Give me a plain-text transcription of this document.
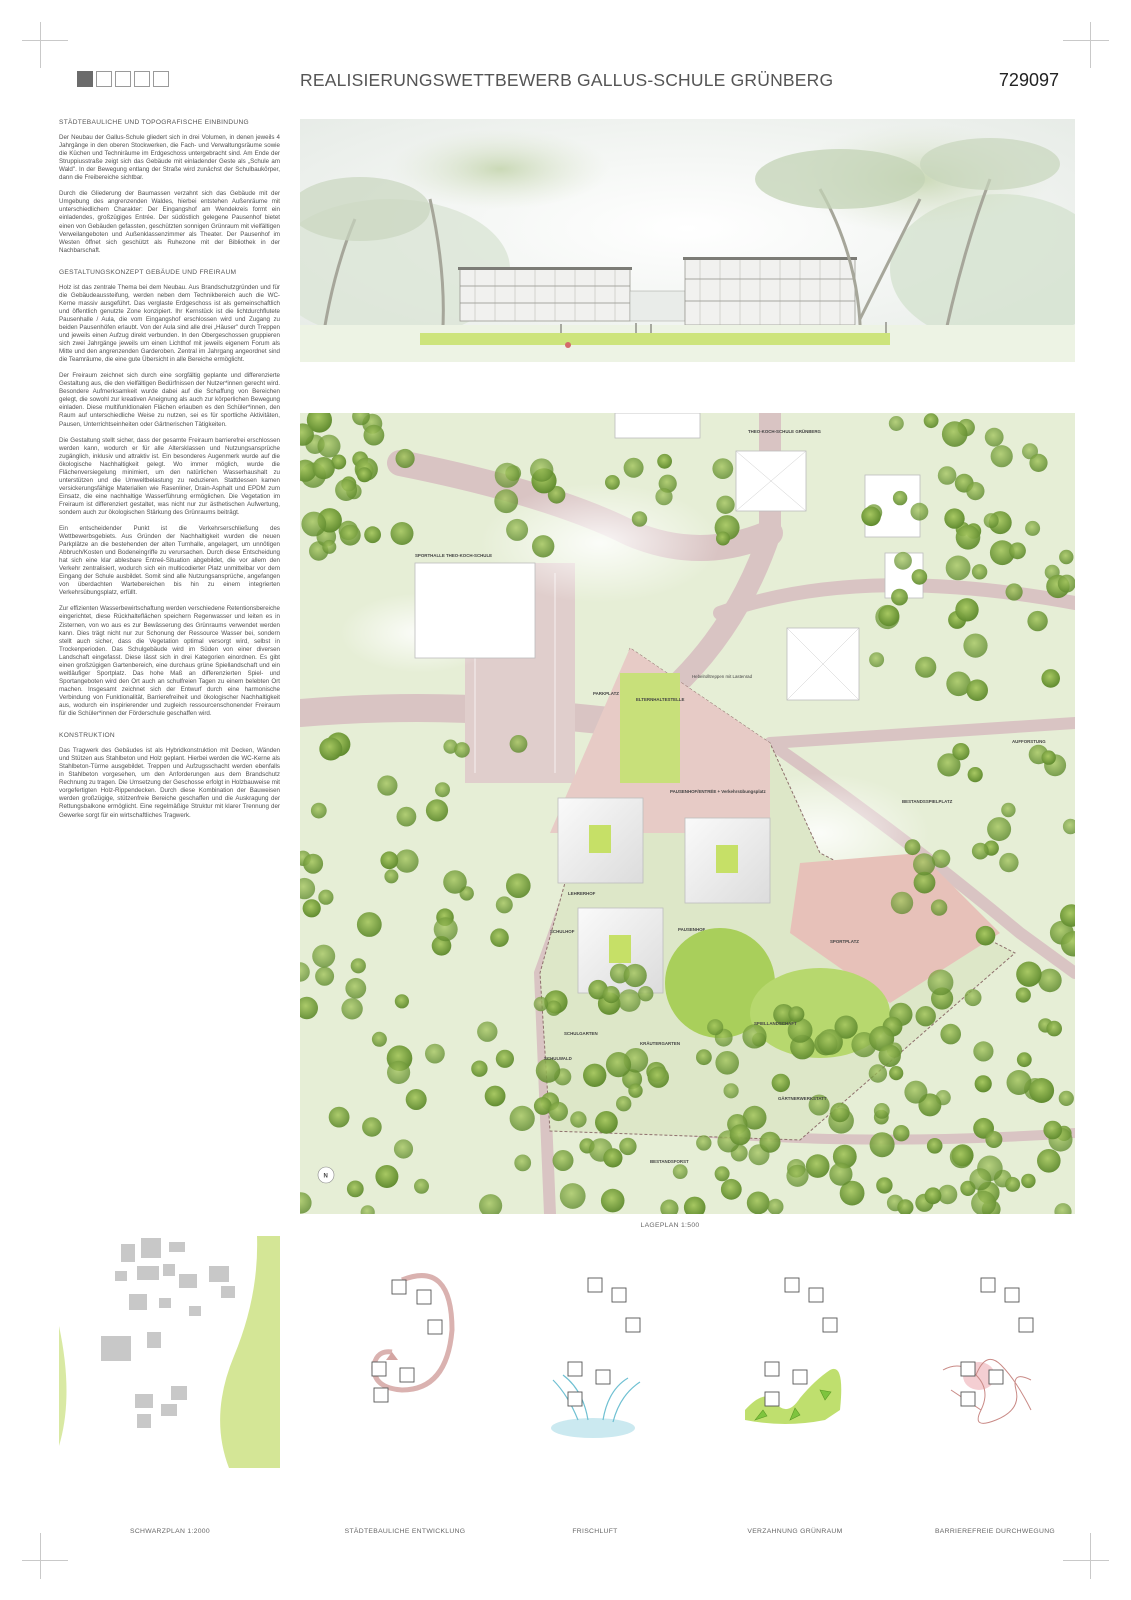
REALISIERUNGSWETTBEWERB GALLUS-SCHULE GRÜNBERG	729097
STÄDTEBAULICHE UND TOPOGRAFISCHE EINBINDUNG

Der Neubau der Gallus-Schule gliedert sich in drei Volumen, in denen jeweils 4 Jahrgänge in den oberen Stockwerken, die Fach- und Verwaltungsräume sowie die Küchen und Techniräume im Erdgeschoss untergebracht sind. Am Ende der Struppiusstraße zeigt sich das Gebäude mit einladender Geste als „Schule am Wald". In der Bewegung entlang der Straße wird zunächst der Schulbaukörper, dann die Freibereiche sichtbar.

Durch die Gliederung der Baumassen verzahnt sich das Gebäude mit der Umgebung des angrenzenden Waldes, hierbei entstehen Außenräume mit unterschiedlichem Charakter: Der Eingangshof am Wendekreis formt ein einladendes, großzügiges Entrée. Der südöstlich gelegene Pausenhof bietet einen von Gebäuden gefassten, geschützten sonnigen Grünraum mit vielfältigen Verweilangeboten und Außenklassenzimmer als Theater. Der Pausenhof im Westen öffnet sich geschützt als Ruhezone mit der Bibliothek in der Nachbarschaft.

GESTALTUNGSKONZEPT GEBÄUDE UND FREIRAUM

Holz ist das zentrale Thema bei dem Neubau. Aus Brandschutzgründen und für die Gebäudeaussteifung, werden neben dem Technikbereich auch die WC-Kerne massiv ausgeführt. Das verglaste Erdgeschoss ist als gemeinschaftlich und öffentlich genutzte Zone konzipiert. Ihr Kernstück ist die lichtdurchflutete Pausenhalle / Aula, die vom Eingangshof erschlossen wird und Zugang zu beiden Pausenhöfen erlaubt. Von der Aula sind alle drei „Häuser" durch Treppen und jeweils einen Aufzug direkt verbunden. In den Obergeschossen gruppieren sich zwei Jahrgänge jeweils um einen Lichthof mit jeweils eigenem Forum als Mitte und den angrenzenden Garderoben. Zentral im Jahrgang angeordnet sind die Teamräume, die eine gute Übersicht in alle Bereiche ermöglicht.

Der Freiraum zeichnet sich durch eine sorgfältig geplante und differenzierte Gestaltung aus, die den vielfältigen Bedürfnissen der Nutzer*innen gerecht wird. Besondere Aufmerksamkeit wurde dabei auf die Schaffung von Bereichen gelegt, die sowohl zur kreativen Aneignung als auch zur körperlichen Bewegung einladen. Diese multifunktionalen Flächen erlauben es den Schüler*innen, den Raum auf unterschiedliche Weise zu nutzen, sei es für sportliche Aktivitäten, Pausen, Unterrichtseinheiten oder Gärtnerischen Tätigkeiten.

Die Gestaltung stellt sicher, dass der gesamte Freiraum barrierefrei erschlossen werden kann, wodurch er für alle Altersklassen und Nutzungsansprüche zugänglich, inklusiv und attraktiv ist. Ein besonderes Augenmerk wurde auf die ökologische Nachhaltigkeit gelegt. Wo immer möglich, wurde die Flächenversiegelung minimiert, um den natürlichen Wasserhaushalt zu unterstützen und die Umweltbelastung zu reduzieren. Stattdessen kamen versickerungsfähige Materialien wie Rasenliner, Drain-Asphalt und EPDM zum Einsatz, die eine nachhaltige Wasserführung ermöglichen. Die Vegetation im Freiraum ist differenziert gestaltet, was nicht nur zur ästhetischen Aufwertung, sondern auch zur ökologischen Stärkung des Grünraums beiträgt.

Ein entscheidender Punkt ist die Verkehrserschließung des Wettbewerbsgebiets. Aus Gründen der Nachhaltigkeit wurden die neuen Parkplätze an die bestehenden der alten Turnhalle, angelagert, um unnötigen Abbruch/Kosten und Bodeneingriffe zu verursachen. Durch diese Entscheidung hat sich eine klar ablesbare Entreé-Situation abgebildet, die vor allem den Verkehr zentralisiert, wodurch sich ein multicodierter Platz unmittelbar vor dem Eingang der Schule ausbildet. Somit sind alle Nutzungsansprüche, angefangen von überdachten Wartebereichen bis hin zu einem integrierten Verkehrsübungsplatz, erfüllt.

Zur effizienten Wasserbewirtschaftung werden verschiedene Retentionsbereiche eingerichtet, diese Rückhalteflächen speichern Regenwasser und leiten es in Zisternen, von wo aus es zur Bewässerung des Grünraums verwendet werden kann. Dies trägt nicht nur zur Schonung der Ressource Wasser bei, sondern stellt auch sicher, dass die Vegetation optimal versorgt wird, selbst in Trockenperioden. Das Schulgebäude wird im Süden von einer diversen Landschaft eingefasst. Diese lässt sich in drei Kategorien einordnen. Es gibt einen großzügigen Gartenbereich, eine durchaus grüne Spiellandschaft und ein weitläufiger Sportplatz. Das hohe Maß an differenzierten Spiel- und Sportangeboten wird den Ort auch an schulfreien Tagen zu einem belebten Ort machen. Insgesamt zeichnet sich der Entwurf durch eine harmonische Verbindung von Funktionalität, Barrierefreiheit und ökologischer Nachhaltigkeit aus, wodurch ein inspirierender und zugleich ressourcenschonender Freiraum für die Schüler*innen der Förderschule geschaffen wird.

KONSTRUKTION

Das Tragwerk des Gebäudes ist als Hybridkonstruktion mit Decken, Wänden und Stützen aus Stahlbeton und Holz geplant. Hierbei werden die WC-Kerne als Stahlbeton-Türme ausgebildet. Treppen und Aufzugsschacht werden ebenfalls in Stahlbeton vorgesehen, um den Anforderungen aus dem Brandschutz Rechnung zu tragen. Die Umsetzung der Geschosse erfolgt in Holzbauweise mit vorgefertigten Holz-Rippendecken. Durch diese Kombination der Bauweisen werden großzügige, stützenfreie Bereiche geschaffen und die Auskragung der Rettungsbalkone ermöglicht. Eine regelmäßige Struktur mit klarer Trennung der Gewerke sorgt für ein wirtschaftliches Tragwerk.

THEO-KOCH-SCHULE GRÜNBERG
SPORTHALLE THEO-KOCH-SCHULE
PARKPLATZ
ELTERNHALTESTELLE
Hebelrolltreppen mit Lastenrad
PAUSENHOF/ENTRÉE + Verkehrsübungsplatz
BESTANDSSPIELPLATZ
AUFFORSTUNG
LEHRERHOF
SCHULHOF	PAUSENHOF
SPORTPLATZ
SCHULGARTEN
SPIELLANDSCHAFT
KRÄUTERGARTEN
SCHULWALD
GÄRTNERWERKSTATT
BESTANDSFORST
N
LAGEPLAN 1:500
SCHWARZPLAN 1:2000	STÄDTEBAULICHE ENTWICKLUNG	FRISCHLUFT	VERZAHNUNG GRÜNRAUM	BARRIEREFREIE DURCHWEGUNG
